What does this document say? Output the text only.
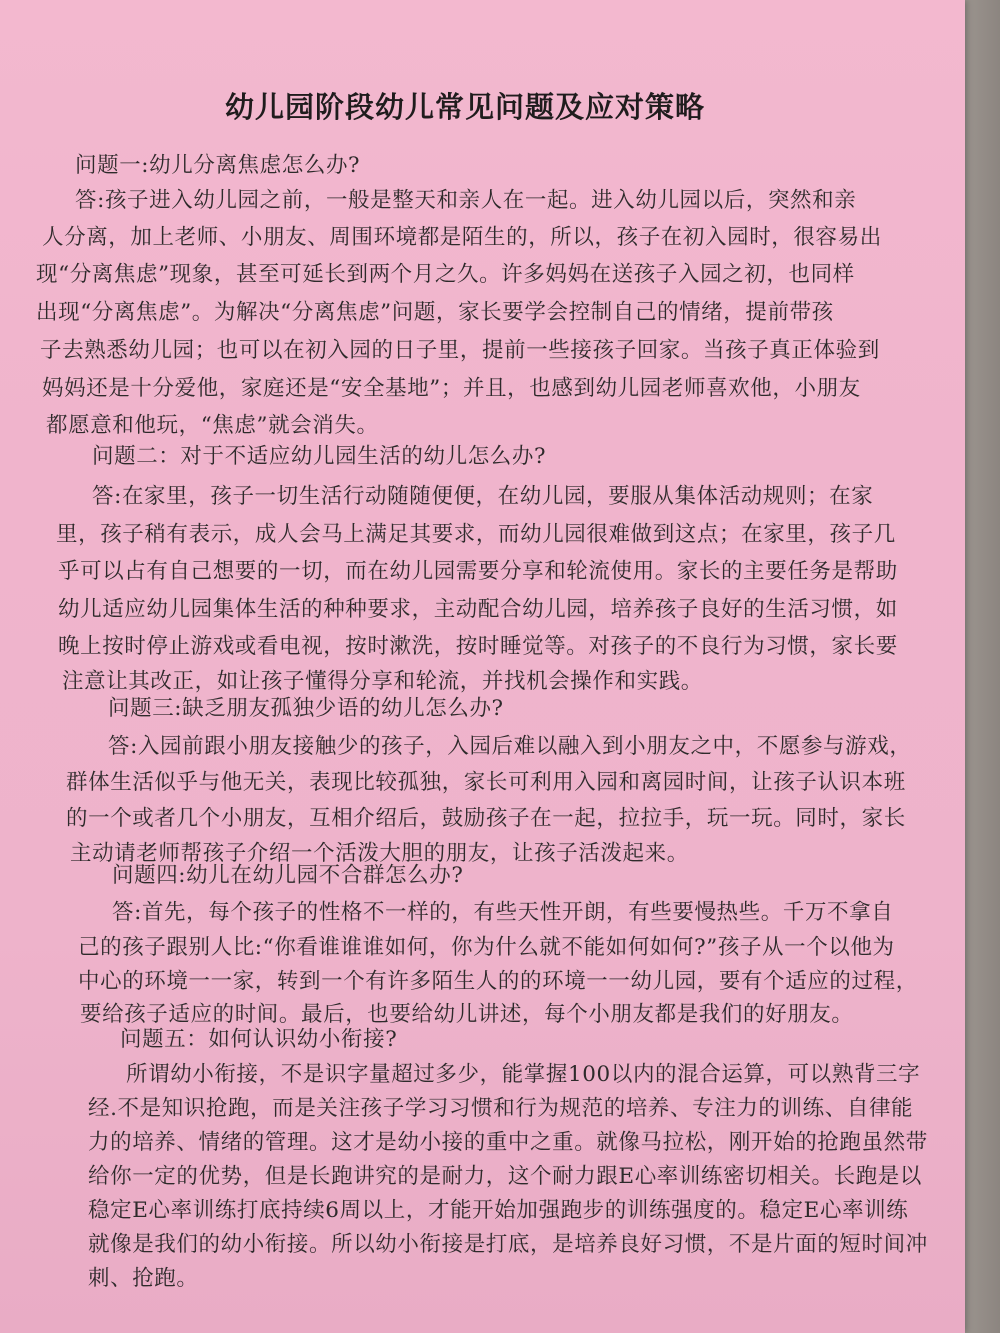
幼儿园阶段幼儿常见问题及应对策略
问题一:幼儿分离焦虑怎么办?
答:孩子进入幼儿园之前，一般是整天和亲人在一起。进入幼儿园以后，突然和亲
人分离，加上老师、小朋友、周围环境都是陌生的，所以，孩子在初入园时，很容易出
现“分离焦虑”现象，甚至可延长到两个月之久。许多妈妈在送孩子入园之初，也同样
出现“分离焦虑”。为解决“分离焦虑”问题，家长要学会控制自己的情绪，提前带孩
子去熟悉幼儿园；也可以在初入园的日子里，提前一些接孩子回家。当孩子真正体验到
妈妈还是十分爱他，家庭还是“安全基地”；并且，也感到幼儿园老师喜欢他，小朋友
都愿意和他玩，“焦虑”就会消失。
问题二：对于不适应幼儿园生活的幼儿怎么办?
答:在家里，孩子一切生活行动随随便便，在幼儿园，要服从集体活动规则；在家
里，孩子稍有表示，成人会马上满足其要求，而幼儿园很难做到这点；在家里，孩子几
乎可以占有自己想要的一切，而在幼儿园需要分享和轮流使用。家长的主要任务是帮助
幼儿适应幼儿园集体生活的种种要求，主动配合幼儿园，培养孩子良好的生活习惯，如
晚上按时停止游戏或看电视，按时漱洗，按时睡觉等。对孩子的不良行为习惯，家长要
注意让其改正，如让孩子懂得分享和轮流，并找机会操作和实践。
问题三:缺乏朋友孤独少语的幼儿怎么办?
答:入园前跟小朋友接触少的孩子，入园后难以融入到小朋友之中，不愿参与游戏，
群体生活似乎与他无关，表现比较孤独，家长可利用入园和离园时间，让孩子认识本班
的一个或者几个小朋友，互相介绍后，鼓励孩子在一起，拉拉手，玩一玩。同时，家长
主动请老师帮孩子介绍一个活泼大胆的朋友，让孩子活泼起来。
问题四:幼儿在幼儿园不合群怎么办?
答:首先，每个孩子的性格不一样的，有些天性开朗，有些要慢热些。千万不拿自
己的孩子跟别人比:“你看谁谁谁如何，你为什么就不能如何如何?”孩子从一个以他为
中心的环境一一家，转到一个有许多陌生人的的环境一一幼儿园，要有个适应的过程，
要给孩子适应的时间。最后，也要给幼儿讲述，每个小朋友都是我们的好朋友。
问题五：如何认识幼小衔接?
所谓幼小衔接，不是识字量超过多少，能掌握100以内的混合运算，可以熟背三字
经.不是知识抢跑，而是关注孩子学习习惯和行为规范的培养、专注力的训练、自律能
力的培养、情绪的管理。这才是幼小接的重中之重。就像马拉松，刚开始的抢跑虽然带
给你一定的优势，但是长跑讲究的是耐力，这个耐力跟E心率训练密切相关。长跑是以
稳定E心率训练打底持续6周以上，才能开始加强跑步的训练强度的。稳定E心率训练
就像是我们的幼小衔接。所以幼小衔接是打底，是培养良好习惯，不是片面的短时间冲
刺、抢跑。
